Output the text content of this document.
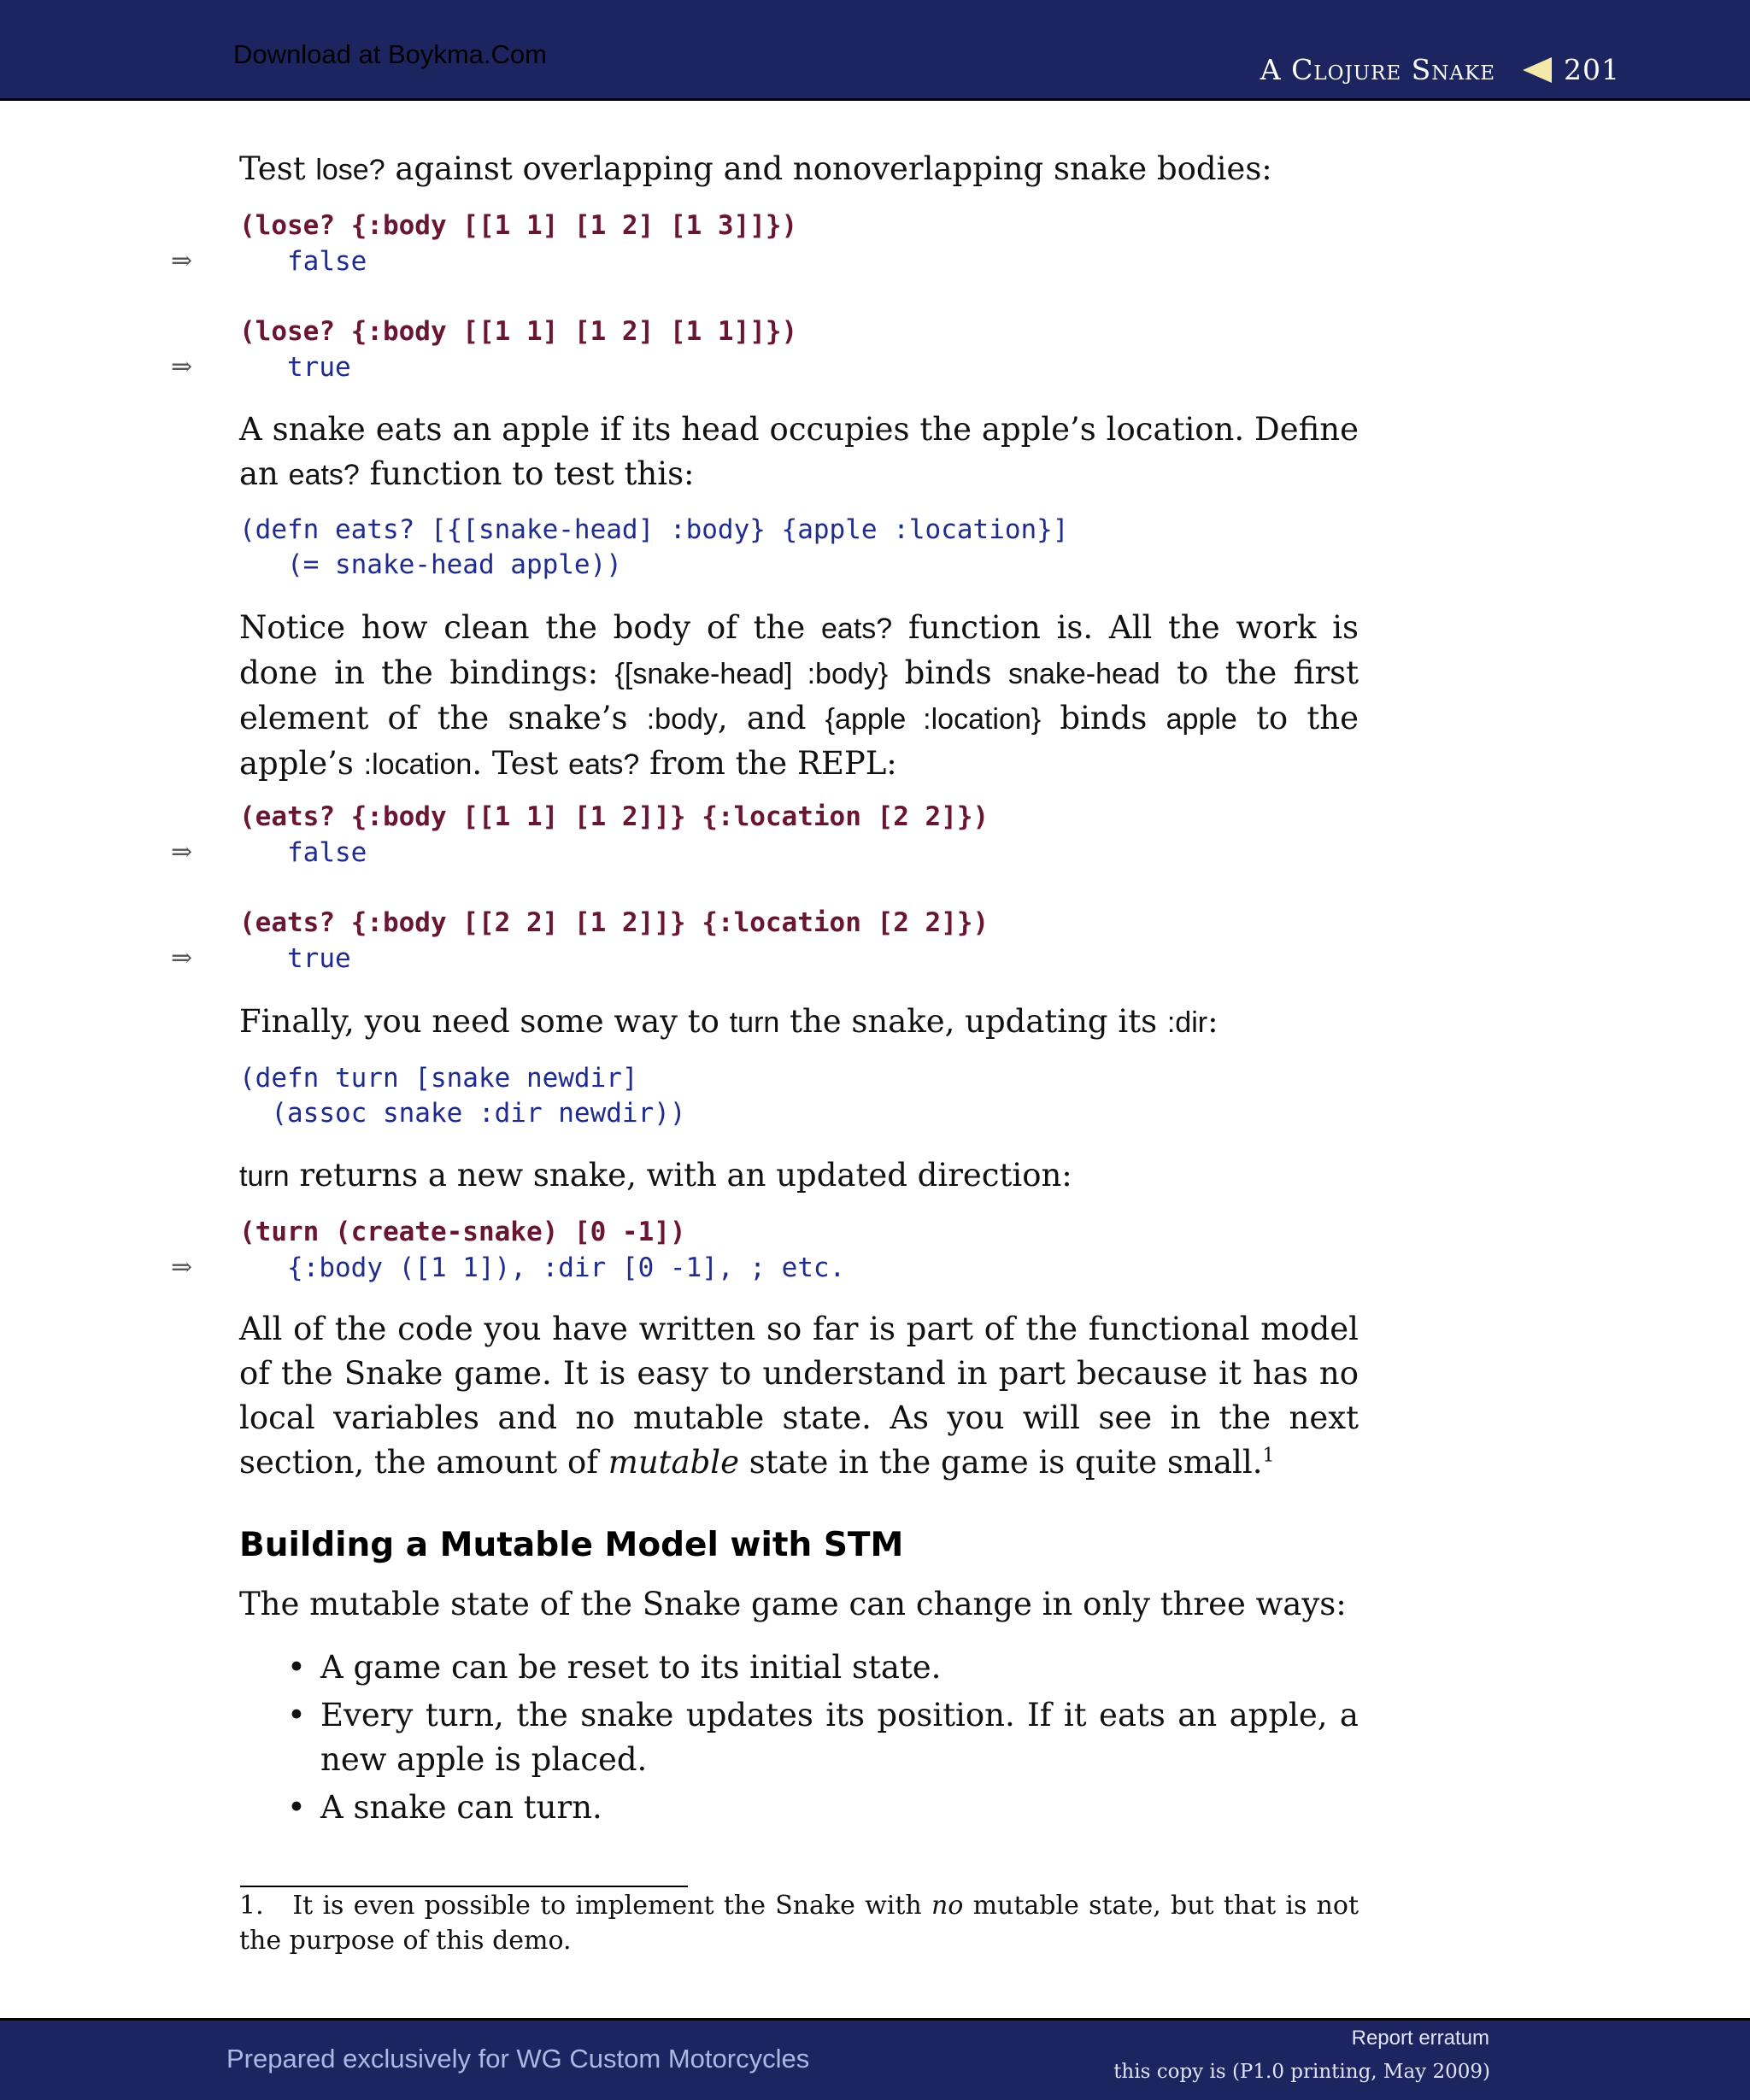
Download at Boykma.Com	A Clojure Snake 201
Test lose? against overlapping and nonoverlapping snake bodies:
(lose? {:body [[1 1] [1 2] [1 3]]})
⇒	false
(lose? {:body [[1 1] [1 2] [1 1]]})
⇒	true
A snake eats an apple if its head occupies the apple’s location. Define
an eats? function to test this:
(defn eats? [{[snake-head] :body} {apple :location}]
(= snake-head apple))
Notice how clean the body of the eats? function is. All the work is done in the bindings: {[snake-head] :body} binds snake-head to the first element of the snake’s :body, and {apple :location} binds apple to the apple’s :location. Test eats? from the REPL:
(eats? {:body [[1 1] [1 2]]} {:location [2 2]})
⇒	false
(eats? {:body [[2 2] [1 2]]} {:location [2 2]})
⇒	true
Finally, you need some way to turn the snake, updating its :dir:
(defn turn [snake newdir]
(assoc snake :dir newdir))
turn returns a new snake, with an updated direction:
(turn (create-snake) [0 -1])
⇒	{:body ([1 1]), :dir [0 -1], ; etc.
All of the code you have written so far is part of the functional model of the Snake game. It is easy to understand in part because it has no local variables and no mutable state. As you will see in the next section, the amount of mutable state in the game is quite small.$^1$
Building a Mutable Model with STM
The mutable state of the Snake game can change in only three ways:
• A game can be reset to its initial state.
• Every turn, the snake updates its position. If it eats an apple, a new apple is placed.
• A snake can turn.
1. It is even possible to implement the Snake with no mutable state, but that is not the purpose of this demo.
Prepared exclusively for WG Custom Motorcycles
Report erratum
this copy is (P1.0 printing, May 2009)
